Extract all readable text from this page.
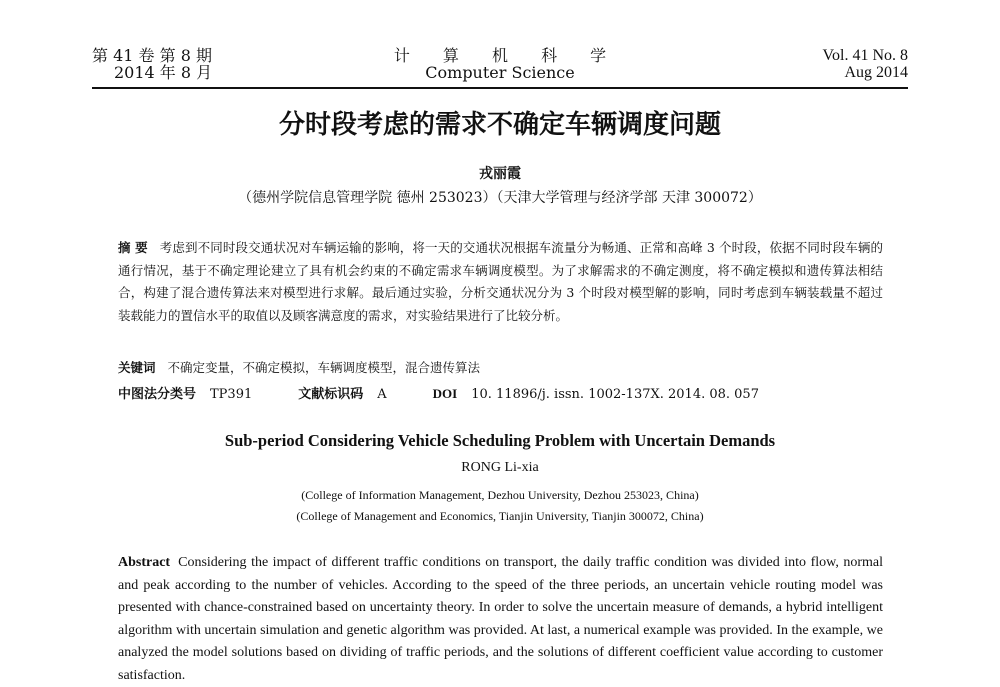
第 41 卷 第 8 期
2014 年 8 月
计 算 机 科 学
Computer Science
Vol. 41 No. 8
Aug 2014
分时段考虑的需求不确定车辆调度问题
戎丽霞
（德州学院信息管理学院 德州 253023）（天津大学管理与经济学部 天津 300072）
摘 要 考虑到不同时段交通状况对车辆运输的影响，将一天的交通状况根据车流量分为畅通、正常和高峰 3 个时段，依据不同时段车辆的通行情况，基于不确定理论建立了具有机会约束的不确定需求车辆调度模型。为了求解需求的不确定测度，将不确定模拟和遗传算法相结合，构建了混合遗传算法来对模型进行求解。最后通过实验，分析交通状况分为 3 个时段对模型解的影响，同时考虑到车辆装载量不超过装载能力的置信水平的取值以及顾客满意度的需求，对实验结果进行了比较分析。
关键词 不确定变量，不确定模拟，车辆调度模型，混合遗传算法
中图法分类号 TP391	文献标识码 A	DOI 10. 11896/j. issn. 1002-137X. 2014. 08. 057
Sub-period Considering Vehicle Scheduling Problem with Uncertain Demands
RONG Li-xia
(College of Information Management, Dezhou University, Dezhou 253023, China)
(College of Management and Economics, Tianjin University, Tianjin 300072, China)
Abstract Considering the impact of different traffic conditions on transport, the daily traffic condition was divided into flow, normal and peak according to the number of vehicles. According to the speed of the three periods, an uncertain vehicle routing model was presented with chance-constrained based on uncertainty theory. In order to solve the uncertain measure of demands, a hybrid intelligent algorithm with uncertain simulation and genetic algorithm was provided. At last, a numerical example was provided. In the example, we analyzed the model solutions based on dividing of traffic periods, and the solutions of different coefficient value according to customer satisfaction.
